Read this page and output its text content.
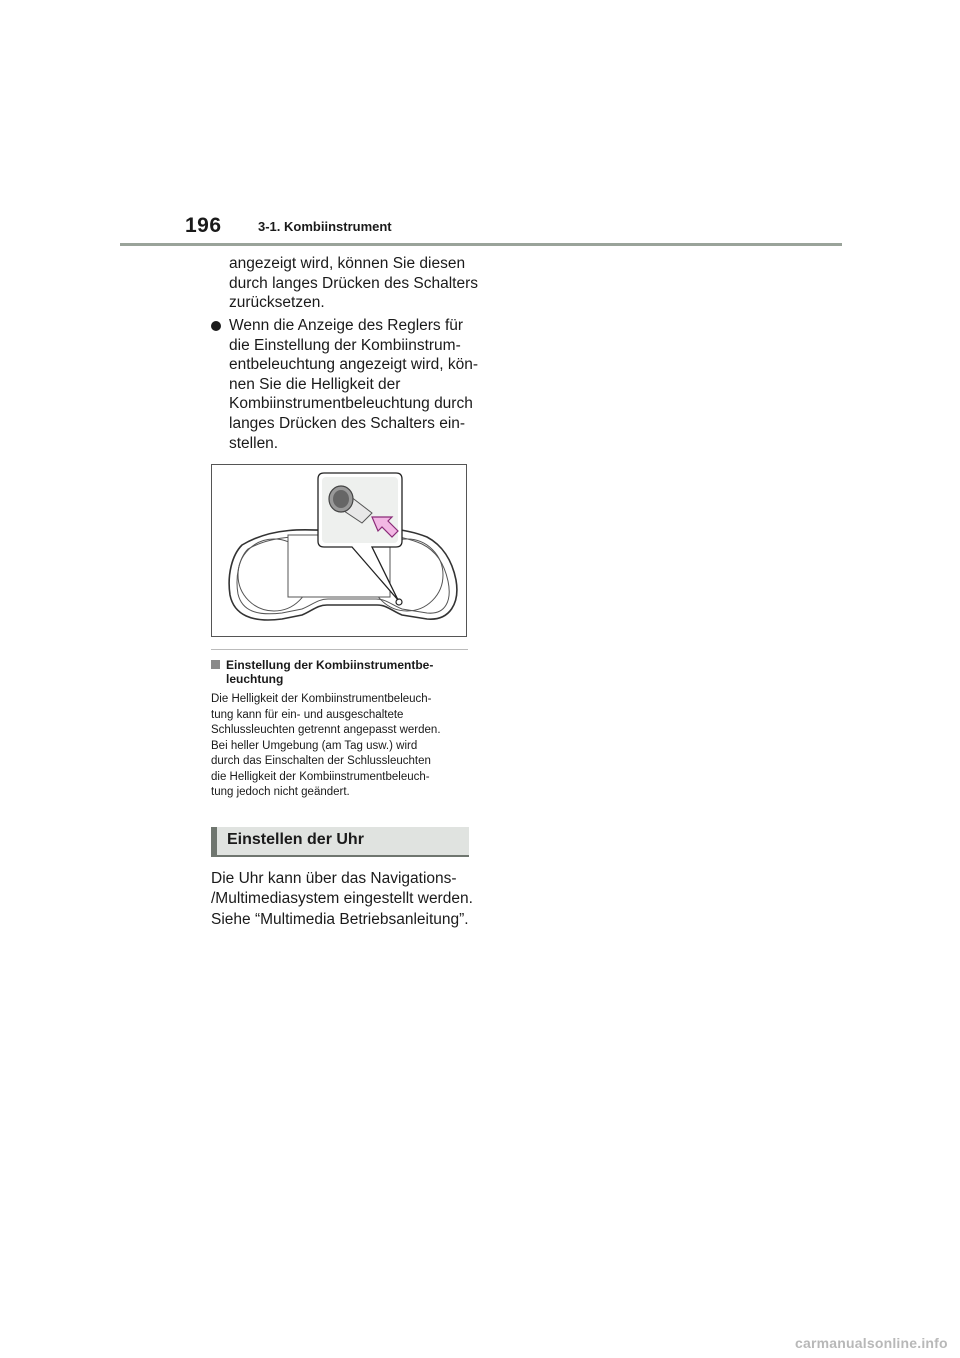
196	3-1. Kombiinstrument
angezeigt wird, können Sie diesen
durch langes Drücken des Schalters
zurücksetzen.
Wenn die Anzeige des Reglers für
die Einstellung der Kombiinstrum-
entbeleuchtung angezeigt wird, kön-
nen Sie die Helligkeit der
Kombiinstrumentbeleuchtung durch
langes Drücken des Schalters ein-
stellen.
Einstellung der Kombiinstrumentbe-
leuchtung
Die Helligkeit der Kombiinstrumentbeleuch-
tung kann für ein- und ausgeschaltete
Schlussleuchten getrennt angepasst werden.
Bei heller Umgebung (am Tag usw.) wird
durch das Einschalten der Schlussleuchten
die Helligkeit der Kombiinstrumentbeleuch-
tung jedoch nicht geändert.
Einstellen der Uhr
Die Uhr kann über das Navigations-
/Multimediasystem eingestellt werden.
Siehe “Multimedia Betriebsanleitung”.
carmanualsonline.info
